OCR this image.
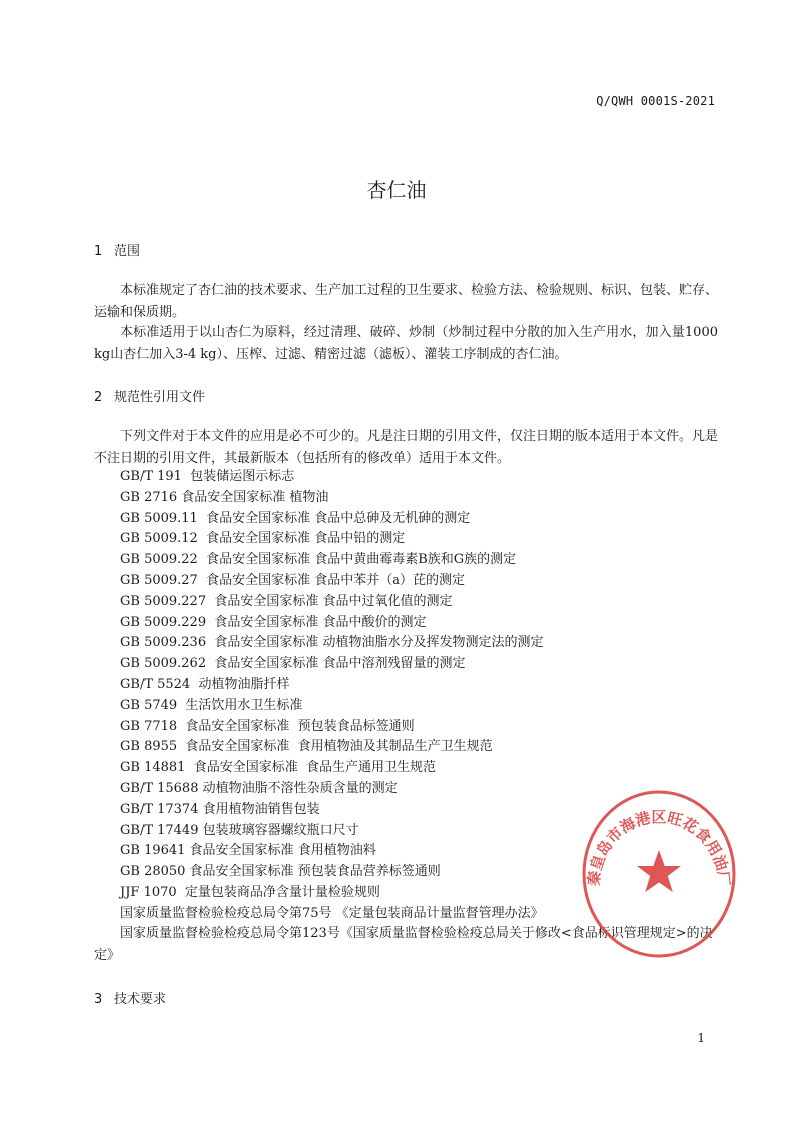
Q/QWH 0001S-2021
杏仁油
1 范围
本标准规定了杏仁油的技术要求、生产加工过程的卫生要求、检验方法、检验规则、标识、包装、贮存、运输和保质期。
本标准适用于以山杏仁为原料，经过清理、破碎、炒制（炒制过程中分散的加入生产用水，加入量1000 kg山杏仁加入3-4 kg）、压榨、过滤、精密过滤（滤板）、灌装工序制成的杏仁油。
2 规范性引用文件
下列文件对于本文件的应用是必不可少的。凡是注日期的引用文件，仅注日期的版本适用于本文件。凡是不注日期的引用文件，其最新版本（包括所有的修改单）适用于本文件。
GB/T 191  包装储运图示标志
GB 2716 食品安全国家标准 植物油
GB 5009.11  食品安全国家标准 食品中总砷及无机砷的测定
GB 5009.12  食品安全国家标准 食品中铅的测定
GB 5009.22  食品安全国家标准 食品中黄曲霉毒素B族和G族的测定
GB 5009.27  食品安全国家标准 食品中苯并（a）芘的测定
GB 5009.227  食品安全国家标准 食品中过氧化值的测定
GB 5009.229  食品安全国家标准 食品中酸价的测定
GB 5009.236  食品安全国家标准 动植物油脂水分及挥发物测定法的测定
GB 5009.262  食品安全国家标准 食品中溶剂残留量的测定
GB/T 5524  动植物油脂扦样
GB 5749  生活饮用水卫生标准
GB 7718  食品安全国家标准  预包装食品标签通则
GB 8955  食品安全国家标准  食用植物油及其制品生产卫生规范
GB 14881  食品安全国家标准  食品生产通用卫生规范
GB/T 15688 动植物油脂不溶性杂质含量的测定
GB/T 17374 食用植物油销售包装
GB/T 17449 包装玻璃容器螺纹瓶口尺寸
GB 19641 食品安全国家标准 食用植物油料
GB 28050 食品安全国家标准 预包装食品营养标签通则
JJF 1070  定量包装商品净含量计量检验规则
国家质量监督检验检疫总局令第75号 《定量包装商品计量监督管理办法》
国家质量监督检验检疫总局令第123号《国家质量监督检验检疫总局关于修改<食品标识管理规定>的决定》
3 技术要求
1
秦皇岛市海港区旺花食用油厂
